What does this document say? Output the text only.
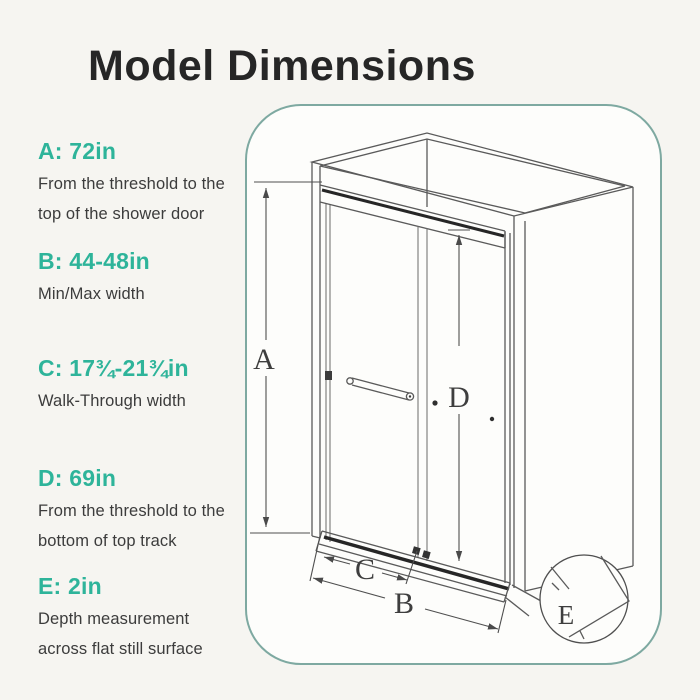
Model Dimensions
A: 72in
From the threshold to the
top of the shower door
B: 44-48in
Min/Max width
C: 17¾-21¾in
Walk-Through width
D: 69in
From the threshold to the
bottom of top track
E: 2in
Depth measurement
across flat still surface
A
D
C
B	E
